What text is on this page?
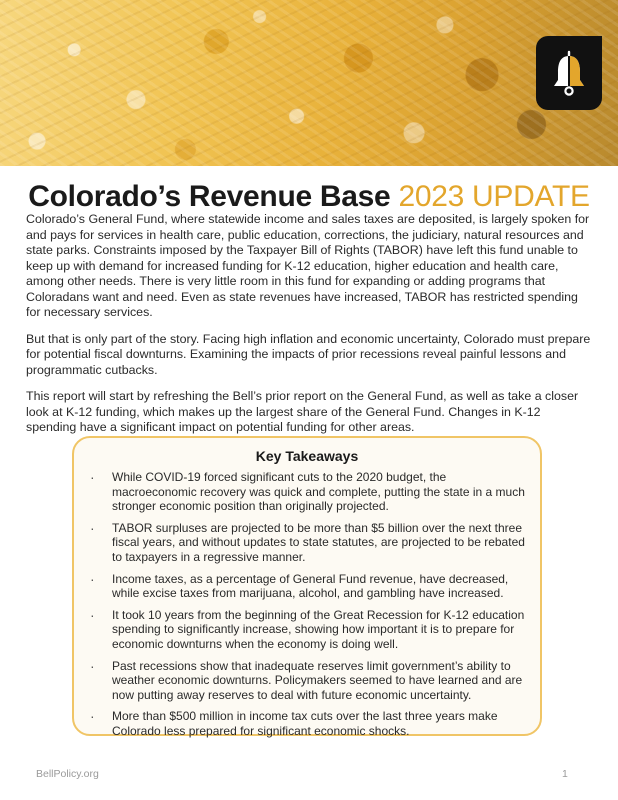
Colorado’s Revenue Base 2023 UPDATE

Colorado’s General Fund, where statewide income and sales taxes are deposited, is largely spoken for and pays for services in health care, public education, corrections, the judiciary, natural resources and state parks. Constraints imposed by the Taxpayer Bill of Rights (TABOR) have left this fund unable to keep up with demand for increased funding for K-12 education, higher education and health care, among other needs. There is very little room in this fund for expanding or adding programs that Coloradans want and need. Even as state revenues have increased, TABOR has restricted spending for necessary services.

But that is only part of the story. Facing high inflation and economic uncertainty, Colorado must prepare for potential fiscal downturns. Examining the impacts of prior recessions reveal painful lessons and programmatic cutbacks.

This report will start by refreshing the Bell’s prior report on the General Fund, as well as take a closer look at K-12 funding, which makes up the largest share of the General Fund. Changes in K-12 spending have a significant impact on potential funding for other areas.

Key Takeaways
· While COVID-19 forced significant cuts to the 2020 budget, the macroeconomic recovery was quick and complete, putting the state in a much stronger economic position than originally projected.
· TABOR surpluses are projected to be more than $5 billion over the next three fiscal years, and without updates to state statutes, are projected to be rebated to taxpayers in a regressive manner.
· Income taxes, as a percentage of General Fund revenue, have decreased, while excise taxes from marijuana, alcohol, and gambling have increased.
· It took 10 years from the beginning of the Great Recession for K-12 education spending to significantly increase, showing how important it is to prepare for economic downturns when the economy is doing well.
· Past recessions show that inadequate reserves limit government’s ability to weather economic downturns. Policymakers seemed to have learned and are now putting away reserves to deal with future economic uncertainty.
· More than $500 million in income tax cuts over the last three years make Colorado less prepared for significant economic shocks.
BellPolicy.org	1
